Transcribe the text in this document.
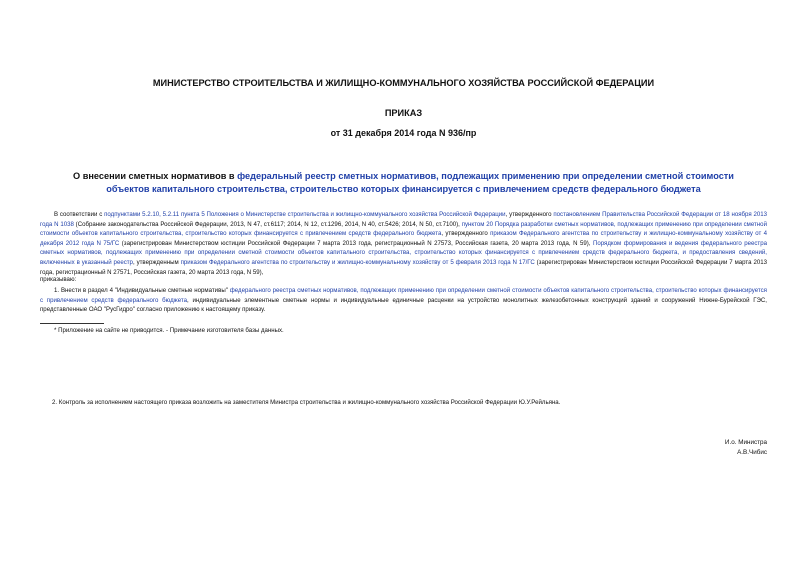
МИНИСТЕРСТВО СТРОИТЕЛЬСТВА И ЖИЛИЩНО-КОММУНАЛЬНОГО ХОЗЯЙСТВА РОССИЙСКОЙ ФЕДЕРАЦИИ
ПРИКАЗ
от 31 декабря 2014 года N 936/пр
О внесении сметных нормативов в федеральный реестр сметных нормативов, подлежащих применению при определении сметной стоимости объектов капитального строительства, строительство которых финансируется с привлечением средств федерального бюджета
В соответствии с подпунктами 5.2.10, 5.2.11 пункта 5 Положения о Министерстве строительства и жилищно-коммунального хозяйства Российской Федерации, утвержденного постановлением Правительства Российской Федерации от 18 ноября 2013 года N 1038 (Собрание законодательства Российской Федерации, 2013, N 47, ст.6117; 2014, N 12, ст.1296, 2014, N 40, ст.5426; 2014, N 50, ст.7100), пунктом 20 Порядка разработки сметных нормативов, подлежащих применению при определении сметной стоимости объектов капитального строительства, строительство которых финансируется с привлечением средств федерального бюджета, утвержденного приказом Федерального агентства по строительству и жилищно-коммунальному хозяйству от 4 декабря 2012 года N 75/ГС (зарегистрирован Министерством юстиции Российской Федерации 7 марта 2013 года, регистрационный N 27573, Российская газета, 20 марта 2013 года, N 59), Порядком формирования и ведения федерального реестра сметных нормативов, подлежащих применению при определении сметной стоимости объектов капитального строительства, строительство которых финансируется с привлечением средств федерального бюджета, и предоставления сведений, включенных в указанный реестр, утвержденным приказом Федерального агентства по строительству и жилищно-коммунальному хозяйству от 5 февраля 2013 года N 17/ГС (зарегистрирован Министерством юстиции Российской Федерации 7 марта 2013 года, регистрационный N 27571, Российская газета, 20 марта 2013 года, N 59),
приказываю:
1. Внести в раздел 4 "Индивидуальные сметные нормативы" федерального реестра сметных нормативов, подлежащих применению при определении сметной стоимости объектов капитального строительства, строительство которых финансируется с привлечением средств федерального бюджета, индивидуальные элементные сметные нормы и индивидуальные единичные расценки на устройство монолитных железобетонных конструкций зданий и сооружений Нижне-Бурейской ГЭС, представленные ОАО "РусГидро" согласно приложению к настоящему приказу.
* Приложение на сайте не приводится. - Примечание изготовителя базы данных.
2. Контроль за исполнением настоящего приказа возложить на заместителя Министра строительства и жилищно-коммунального хозяйства Российской Федерации Ю.У.Рейльяна.
И.о. Министра
А.В.Чибис
